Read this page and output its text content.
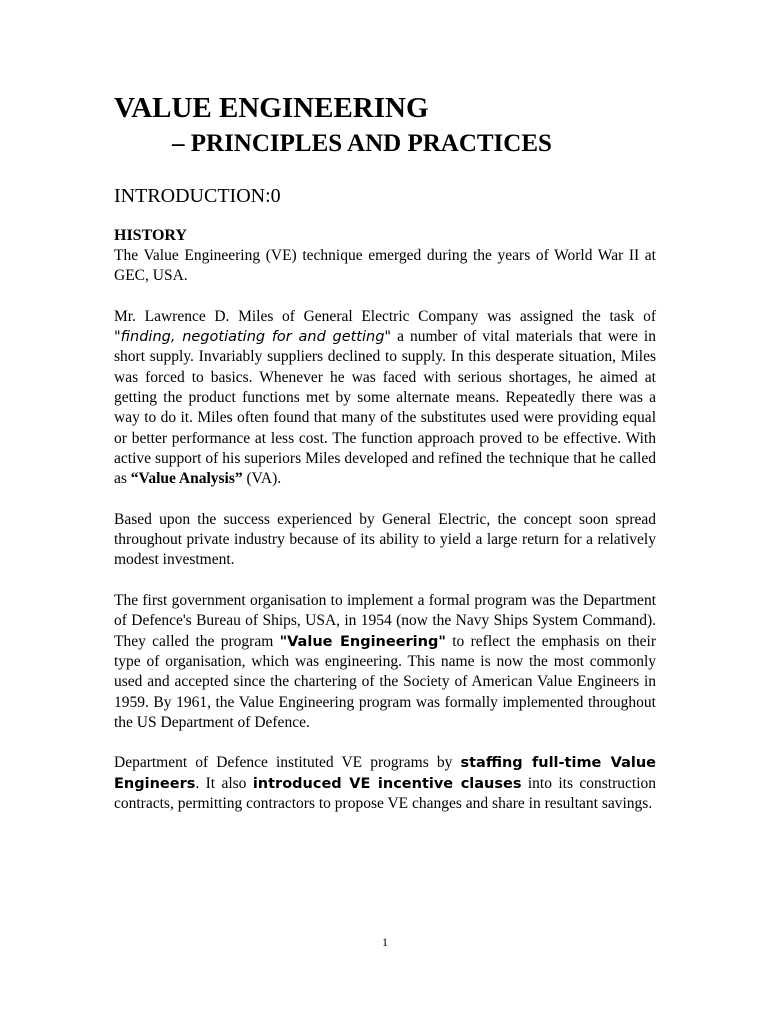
VALUE ENGINEERING
– PRINCIPLES AND PRACTICES
INTRODUCTION:0
HISTORY

The Value Engineering (VE) technique emerged during the years of World War II at GEC, USA.

Mr. Lawrence D. Miles of General Electric Company was assigned the task of "finding, negotiating for and getting" a number of vital materials that were in short supply. Invariably suppliers declined to supply. In this desperate situation, Miles was forced to basics. Whenever he was faced with serious shortages, he aimed at getting the product functions met by some alternate means. Repeatedly there was a way to do it. Miles often found that many of the substitutes used were providing equal or better performance at less cost. The function approach proved to be effective. With active support of his superiors Miles developed and refined the technique that he called as “Value Analysis” (VA).

Based upon the success experienced by General Electric, the concept soon spread throughout private industry because of its ability to yield a large return for a relatively modest investment.

The first government organisation to implement a formal program was the Department of Defence's Bureau of Ships, USA, in 1954 (now the Navy Ships System Command). They called the program "Value Engineering" to reflect the emphasis on their type of organisation, which was engineering. This name is now the most commonly used and accepted since the chartering of the Society of American Value Engineers in 1959. By 1961, the Value Engineering program was formally implemented throughout the US Department of Defence.

Department of Defence instituted VE programs by staffing full-time Value Engineers. It also introduced VE incentive clauses into its construction contracts, permitting contractors to propose VE changes and share in resultant savings.

1
